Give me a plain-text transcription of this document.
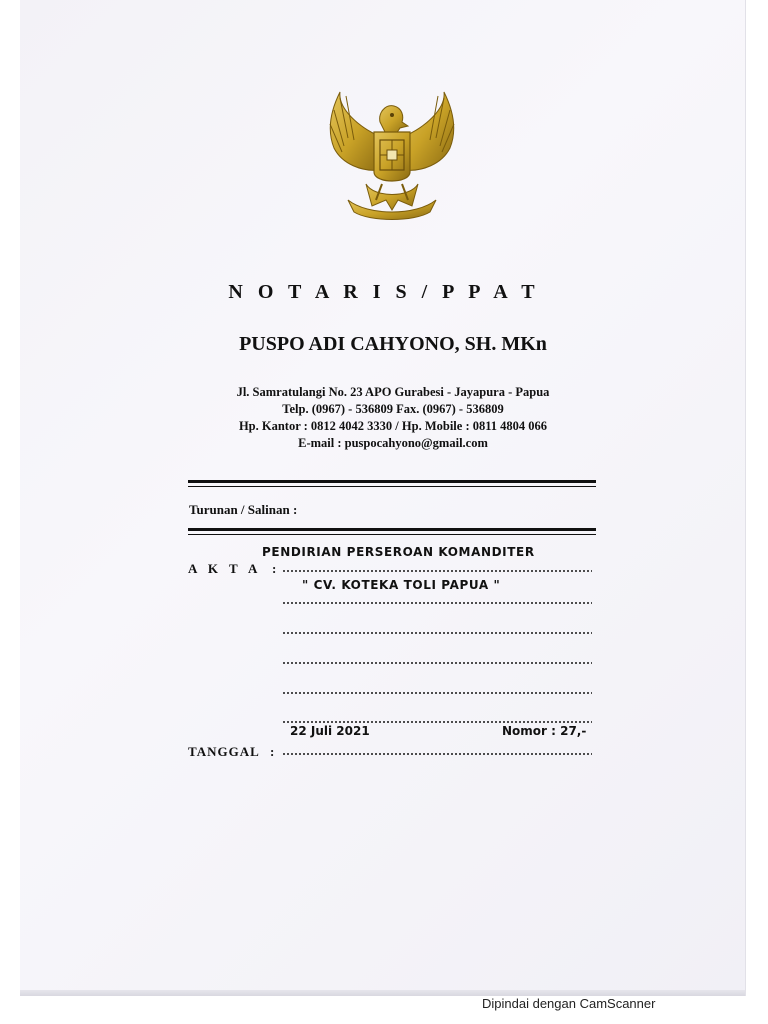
N O T A R I S / P P A T
PUSPO ADI CAHYONO, SH. MKn
Jl. Samratulangi No. 23 APO Gurabesi - Jayapura - Papua
Telp. (0967) - 536809 Fax. (0967) - 536809
Hp. Kantor : 0812 4042 3330 / Hp. Mobile : 0811 4804 066
E-mail : puspocahyono@gmail.com
Turunan / Salinan :
A K T A :
PENDIRIAN PERSEROAN KOMANDITER
" CV. KOTEKA TOLI PAPUA "
22 Juli 2021	Nomor : 27,-
TANGGAL :
Dipindai dengan CamScanner
